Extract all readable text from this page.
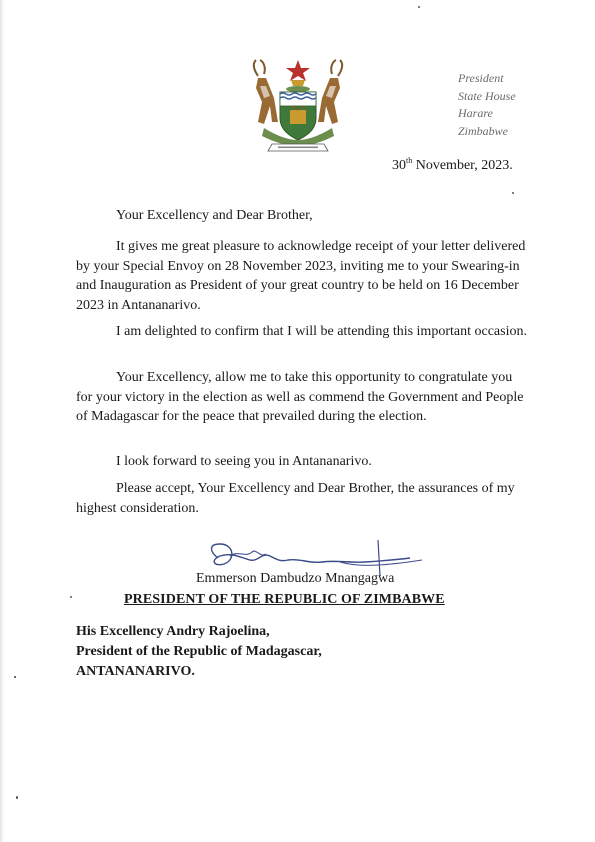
President
State House
Harare
Zimbabwe
30th November, 2023.
Your Excellency and Dear Brother,
It gives me great pleasure to acknowledge receipt of your letter delivered by your Special Envoy on 28 November 2023, inviting me to your Swearing-in and Inauguration as President of your great country to be held on 16 December 2023 in Antananarivo.
I am delighted to confirm that I will be attending this important occasion.
Your Excellency, allow me to take this opportunity to congratulate you for your victory in the election as well as commend the Government and People of Madagascar for the peace that prevailed during the election.
I look forward to seeing you in Antananarivo.
Please accept, Your Excellency and Dear Brother, the assurances of my highest consideration.
Emmerson Dambudzo Mnangagwa
PRESIDENT OF THE REPUBLIC OF ZIMBABWE
His Excellency Andry Rajoelina,
President of the Republic of Madagascar,
ANTANANARIVO.
